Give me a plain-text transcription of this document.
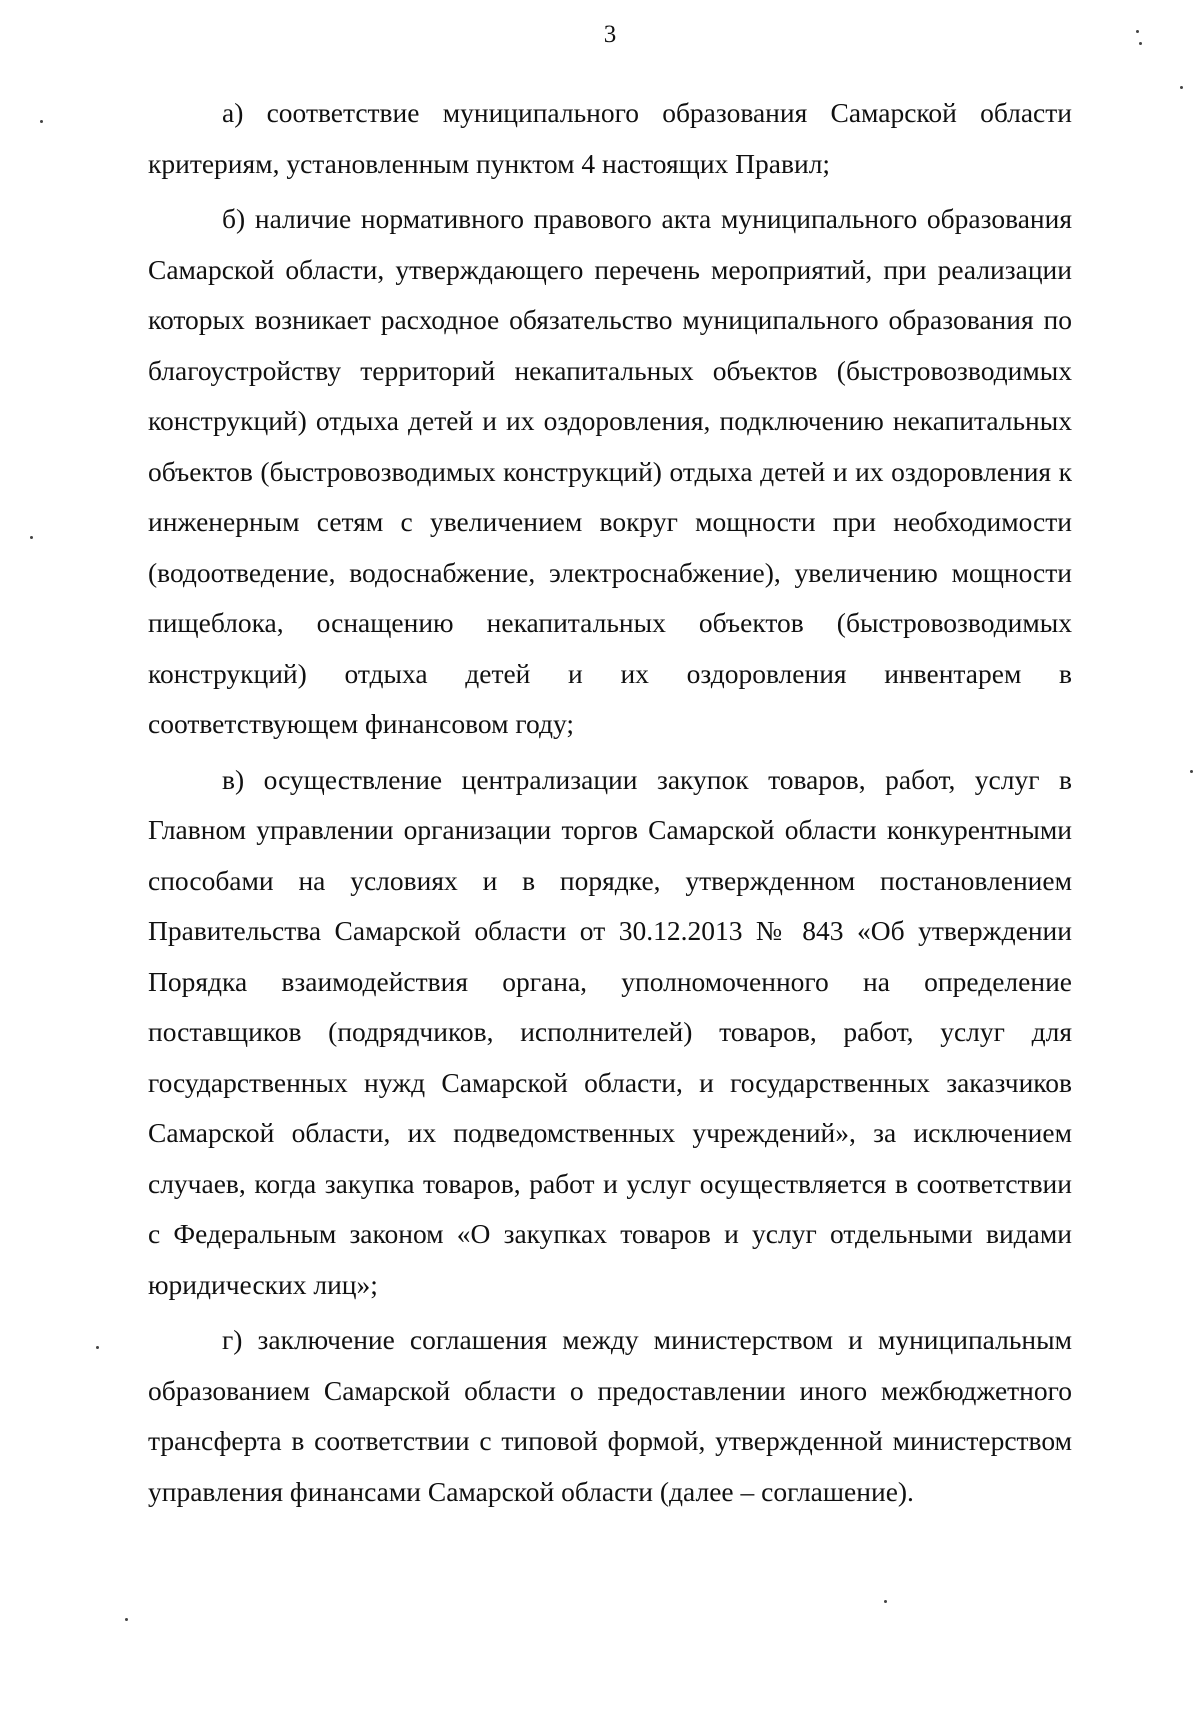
3

а) соответствие муниципального образования Самарской области критериям, установленным пунктом 4 настоящих Правил;

б) наличие нормативного правового акта муниципального образования Самарской области, утверждающего перечень мероприятий, при реализации которых возникает расходное обязательство муниципального образования по благоустройству территорий некапитальных объектов (быстровозводимых конструкций) отдыха детей и их оздоровления, подключению некапитальных объектов (быстровозводимых конструкций) отдыха детей и их оздоровления к инженерным сетям с увеличением вокруг мощности при необходимости (водоотведение, водоснабжение, электроснабжение), увеличению мощности пищеблока, оснащению некапитальных объектов (быстровозводимых конструкций) отдыха детей и их оздоровления инвентарем в соответствующем финансовом году;

в) осуществление централизации закупок товаров, работ, услуг в Главном управлении организации торгов Самарской области конкурентными способами на условиях и в порядке, утвержденном постановлением Правительства Самарской области от 30.12.2013 № 843 «Об утверждении Порядка взаимодействия органа, уполномоченного на определение поставщиков (подрядчиков, исполнителей) товаров, работ, услуг для государственных нужд Самарской области, и государственных заказчиков Самарской области, их подведомственных учреждений», за исключением случаев, когда закупка товаров, работ и услуг осуществляется в соответствии с Федеральным законом «О закупках товаров и услуг отдельными видами юридических лиц»;

г) заключение соглашения между министерством и муниципальным образованием Самарской области о предоставлении иного межбюджетного трансферта в соответствии с типовой формой, утвержденной министерством управления финансами Самарской области (далее – соглашение).
